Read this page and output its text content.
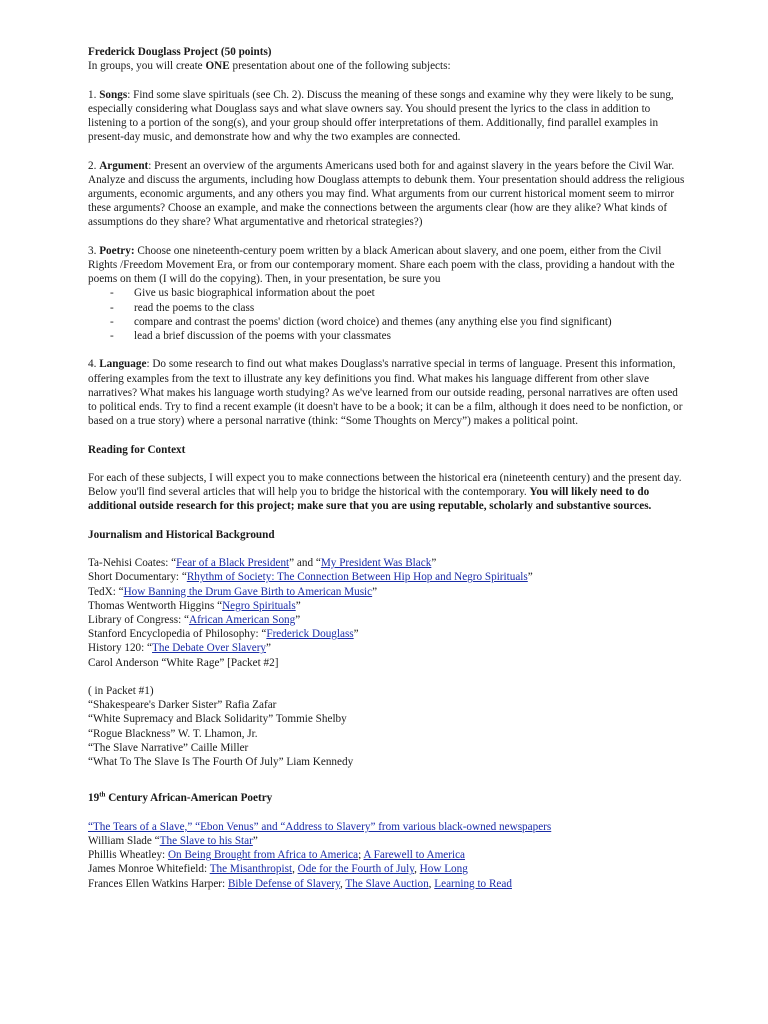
Frederick Douglass Project (50 points)

In groups, you will create ONE presentation about one of the following subjects:

1. Songs: Find some slave spirituals (see Ch. 2). Discuss the meaning of these songs and examine why they were likely to be sung, especially considering what Douglass says and what slave owners say. You should present the lyrics to the class in addition to listening to a portion of the song(s), and your group should offer interpretations of them. Additionally, find parallel examples in present-day music, and demonstrate how and why the two examples are connected.

2. Argument: Present an overview of the arguments Americans used both for and against slavery in the years before the Civil War. Analyze and discuss the arguments, including how Douglass attempts to debunk them. Your presentation should address the religious arguments, economic arguments, and any others you may find. What arguments from our current historical moment seem to mirror these arguments? Choose an example, and make the connections between the arguments clear (how are they alike? What kinds of assumptions do they share? What argumentative and rhetorical strategies?)

3. Poetry: Choose one nineteenth-century poem written by a black American about slavery, and one poem, either from the Civil Rights /Freedom Movement Era, or from our contemporary moment. Share each poem with the class, providing a handout with the poems on them (I will do the copying). Then, in your presentation, be sure you

- Give us basic biographical information about the poet
- read the poems to the class
- compare and contrast the poems' diction (word choice) and themes (any anything else you find significant)
- lead a brief discussion of the poems with your classmates

4. Language: Do some research to find out what makes Douglass's narrative special in terms of language. Present this information, offering examples from the text to illustrate any key definitions you find. What makes his language different from other slave narratives? What makes his language worth studying? As we've learned from our outside reading, personal narratives are often used to political ends. Try to find a recent example (it doesn't have to be a book; it can be a film, although it does need to be nonfiction, or based on a true story) where a personal narrative (think: “Some Thoughts on Mercy”) makes a political point.

Reading for Context

For each of these subjects, I will expect you to make connections between the historical era (nineteenth century) and the present day. Below you'll find several articles that will help you to bridge the historical with the contemporary. You will likely need to do additional outside research for this project; make sure that you are using reputable, scholarly and substantive sources.

Journalism and Historical Background

Ta-Nehisi Coates: “Fear of a Black President” and “My President Was Black”

Short Documentary: “Rhythm of Society: The Connection Between Hip Hop and Negro Spirituals”

TedX: “How Banning the Drum Gave Birth to American Music”

Thomas Wentworth Higgins “Negro Spirituals”

Library of Congress: “African American Song”

Stanford Encyclopedia of Philosophy: “Frederick Douglass”

History 120: “The Debate Over Slavery”

Carol Anderson “White Rage” [Packet #2]

( in Packet #1)

“Shakespeare's Darker Sister” Rafia Zafar

“White Supremacy and Black Solidarity” Tommie Shelby

“Rogue Blackness” W. T. Lhamon, Jr.

“The Slave Narrative” Caille Miller

“What To The Slave Is The Fourth Of July” Liam Kennedy

19th Century African-American Poetry

“The Tears of a Slave,” “Ebon Venus” and “Address to Slavery” from various black-owned newspapers

William Slade “The Slave to his Star”

Phillis Wheatley: On Being Brought from Africa to America; A Farewell to America

James Monroe Whitefield: The Misanthropist, Ode for the Fourth of July, How Long

Frances Ellen Watkins Harper: Bible Defense of Slavery, The Slave Auction, Learning to Read
